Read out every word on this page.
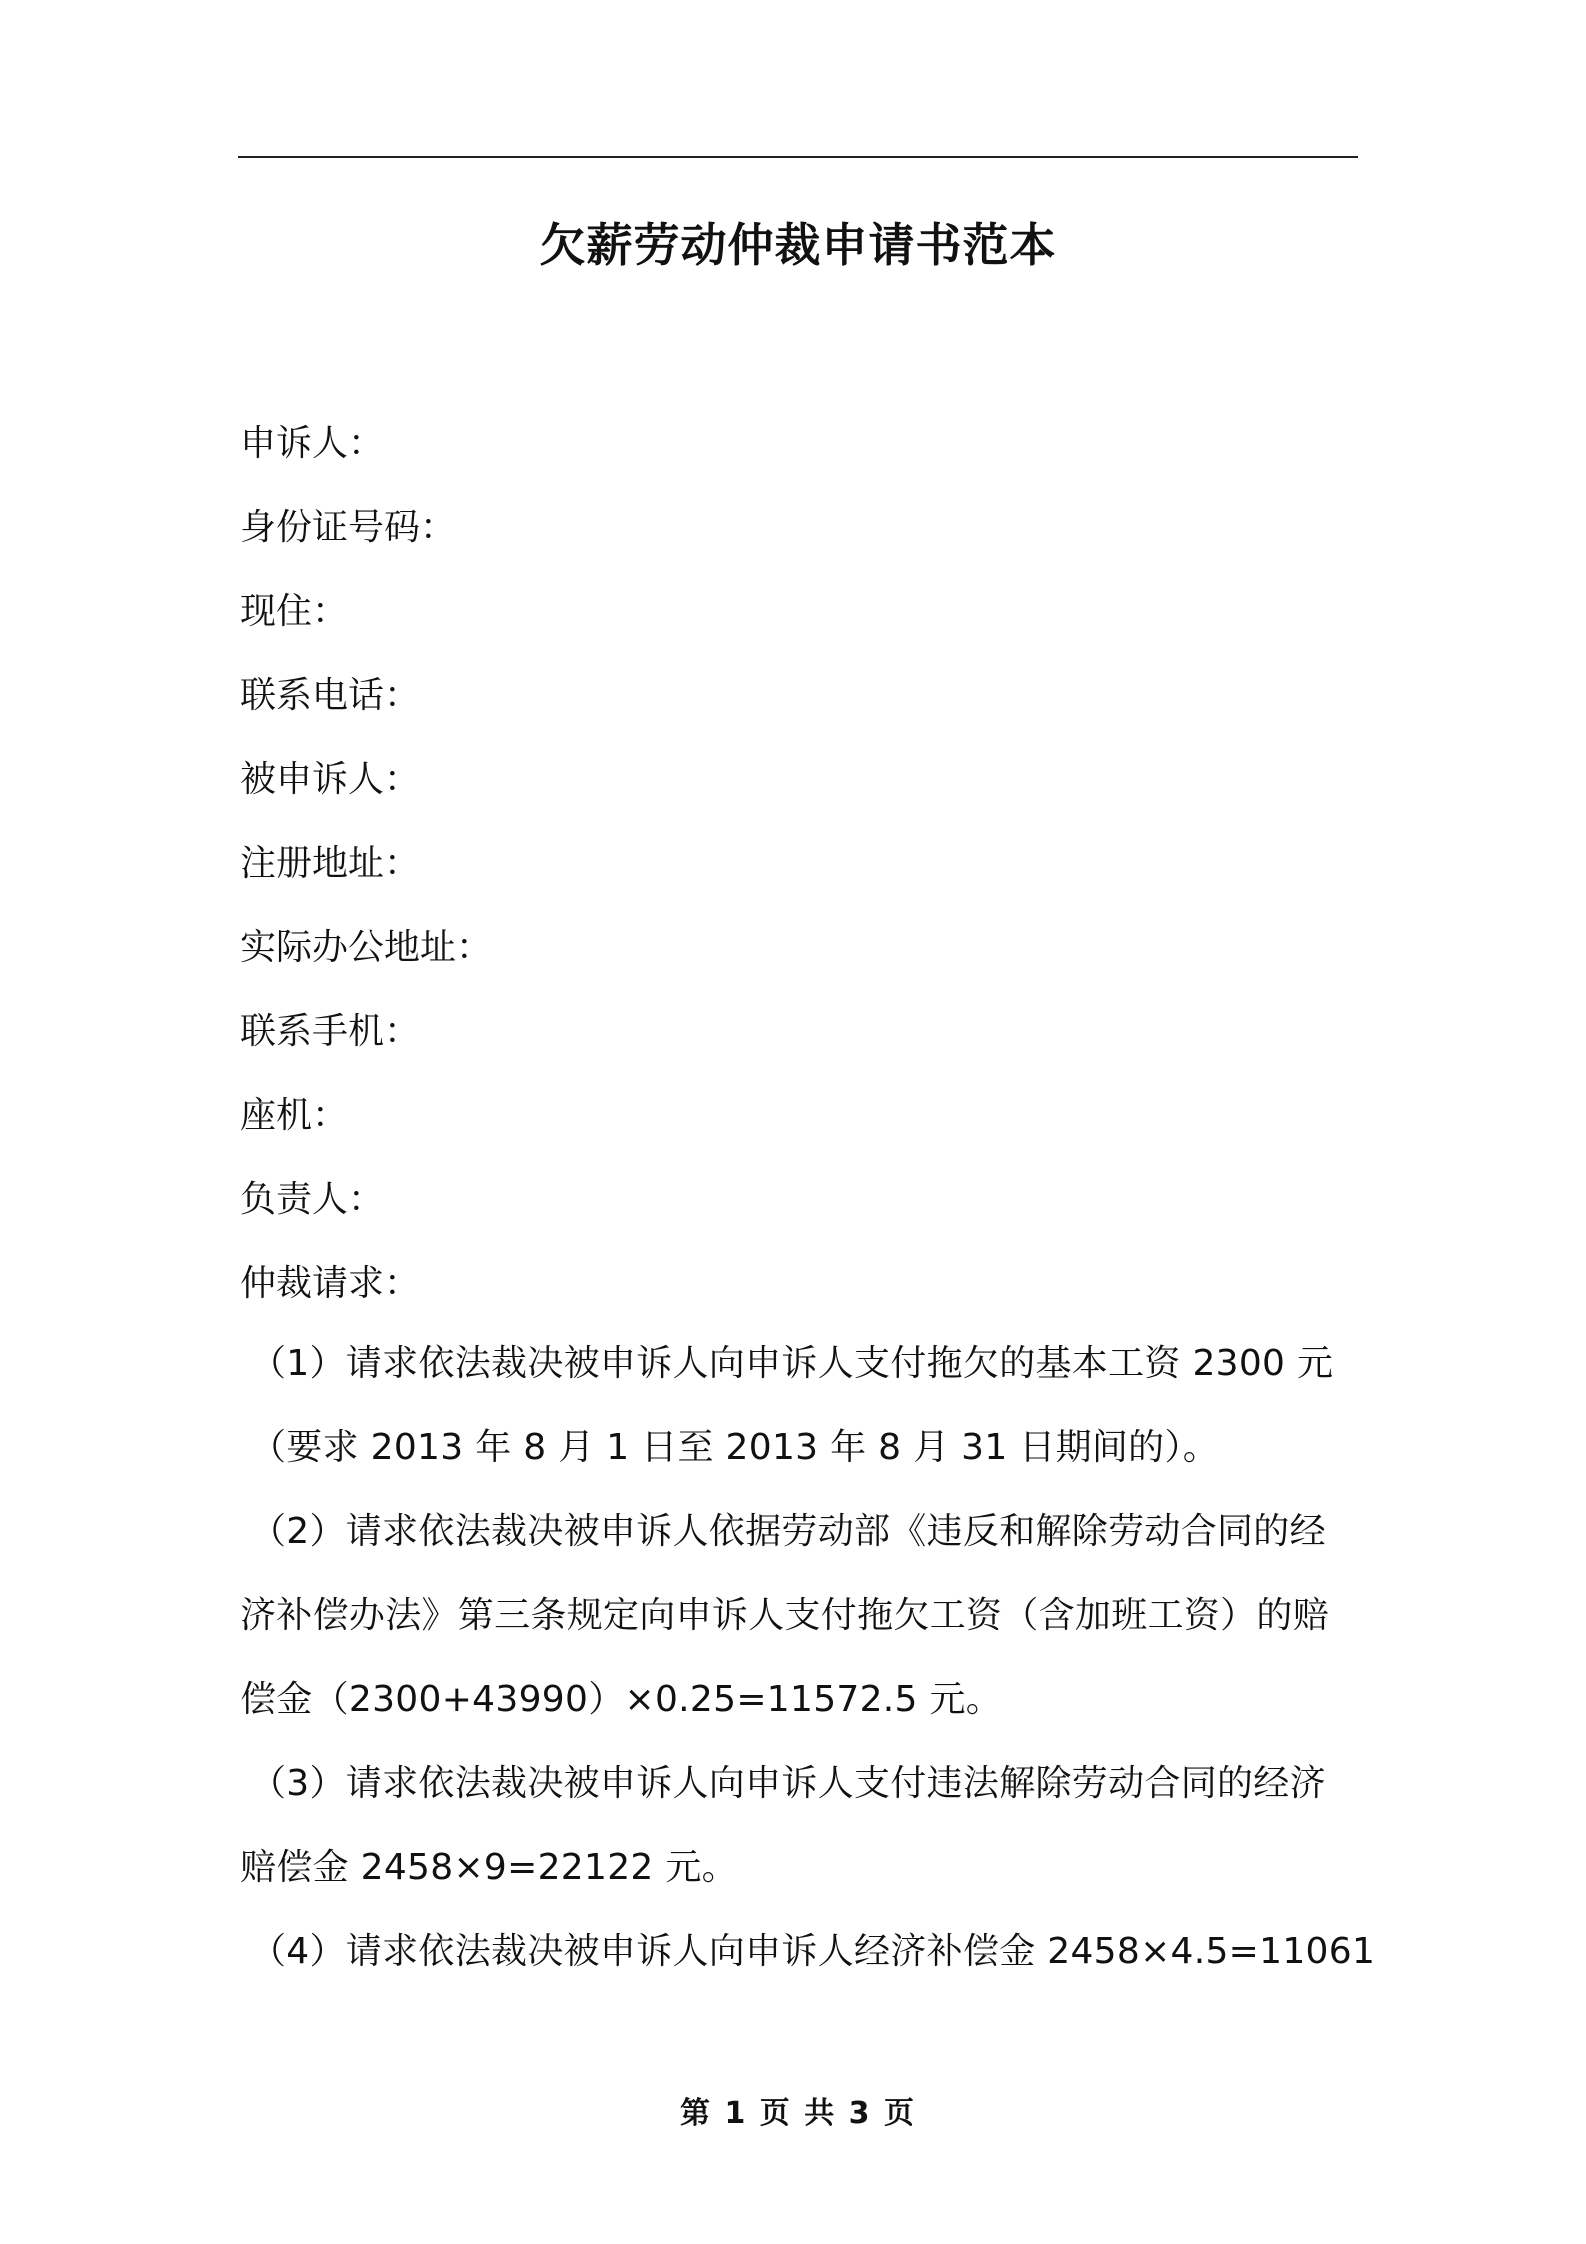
欠薪劳动仲裁申请书范本
申诉人：
身份证号码：
现住：
联系电话：
被申诉人：
注册地址：
实际办公地址：
联系手机：
座机：
负责人：
仲裁请求：
（1）请求依法裁决被申诉人向申诉人支付拖欠的基本工资 2300 元
（要求 2013 年 8 月 1 日至 2013 年 8 月 31 日期间的）。
（2）请求依法裁决被申诉人依据劳动部《违反和解除劳动合同的经
济补偿办法》第三条规定向申诉人支付拖欠工资（含加班工资）的赔
偿金（2300+43990）×0.25=11572.5 元。
（3）请求依法裁决被申诉人向申诉人支付违法解除劳动合同的经济
赔偿金 2458×9=22122 元。
（4）请求依法裁决被申诉人向申诉人经济补偿金 2458×4.5=11061
第 1 页 共 3 页
